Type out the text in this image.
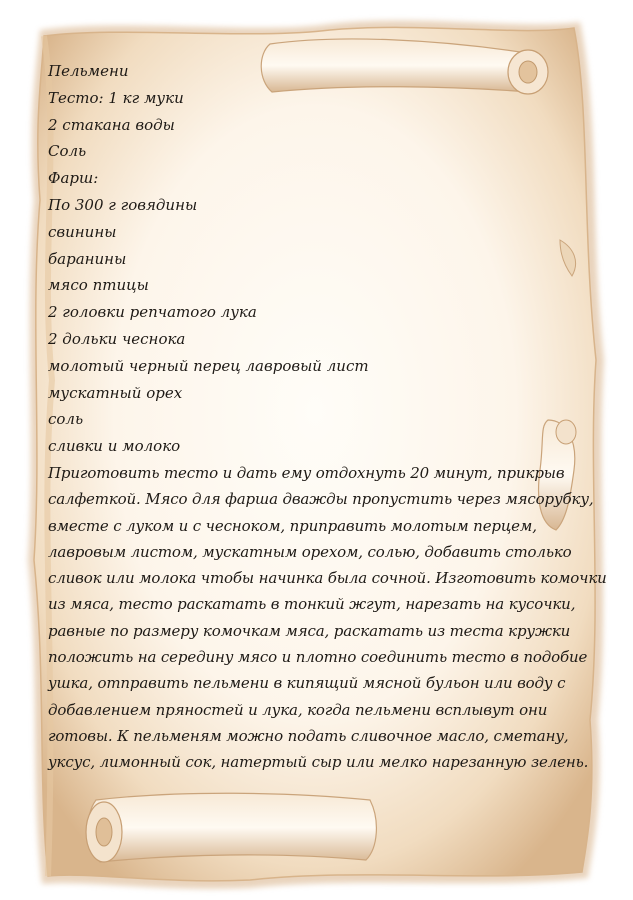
Пельмени
Тесто: 1 кг муки
2 стакана воды
Соль
Фарш:
По 300 г говядины
свинины
баранины
мясо птицы
2 головки репчатого лука
2 дольки чеснока
молотый черный перец лавровый лист
мускатный орех
соль
сливки и молоко
Приготовить тесто и дать ему отдохнуть 20 минут, прикрыв
салфеткой. Мясо для фарша дважды пропустить через мясорубку,
вместе с луком и с чесноком, приправить молотым перцем,
лавровым листом, мускатным орехом, солью, добавить столько
сливок или молока чтобы начинка была сочной. Изготовить комочки
из мяса, тесто раскатать в тонкий жгут, нарезать на кусочки,
равные по размеру комочкам мяса, раскатать из теста кружки
положить на середину мясо и плотно соединить тесто в подобие
ушка, отправить пельмени в кипящий мясной бульон или воду с
добавлением пряностей и лука, когда пельмени всплывут они
готовы. К пельменям можно подать сливочное масло, сметану,
уксус, лимонный сок, натертый сыр или мелко нарезанную зелень.
